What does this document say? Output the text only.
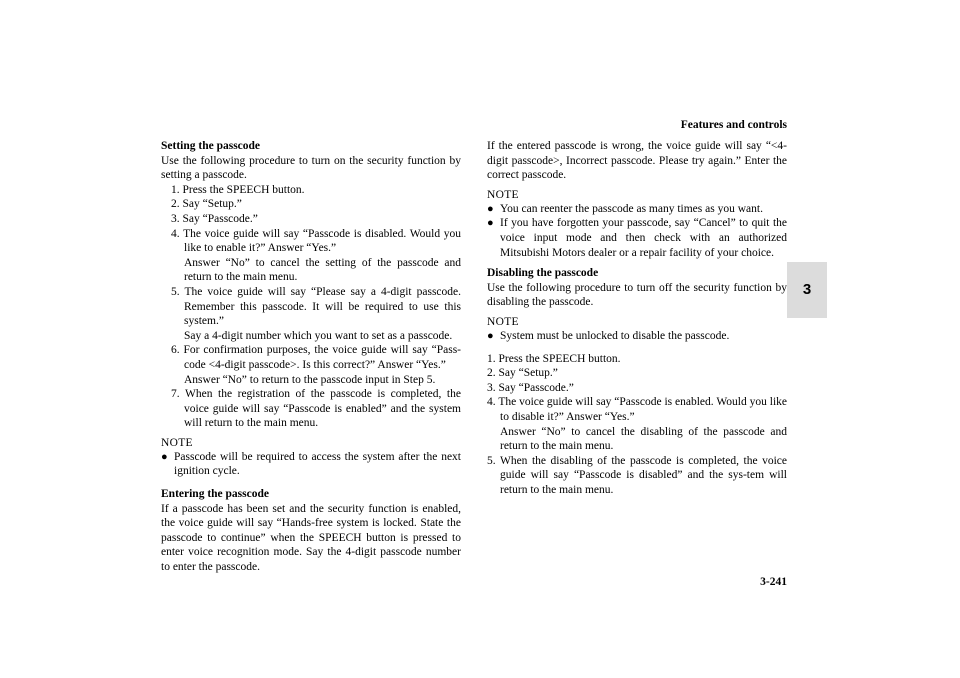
Features and controls
3

Setting the passcode

Use the following procedure to turn on the security function by setting a passcode.

1. Press the SPEECH button.
2. Say “Setup.”
3. Say “Passcode.”
4. The voice guide will say “Passcode is disabled. Would you like to enable it?” Answer “Yes.”
Answer “No” to cancel the setting of the passcode and return to the main menu.
5. The voice guide will say “Please say a 4-digit passcode. Remember this passcode. It will be required to use this system.”
Say a 4-digit number which you want to set as a passcode.
6. For confirmation purposes, the voice guide will say “Pass-code <4-digit passcode>. Is this correct?” Answer “Yes.”
Answer “No” to return to the passcode input in Step 5.
7. When the registration of the passcode is completed, the voice guide will say “Passcode is enabled” and the system will return to the main menu.

NOTE

● Passcode will be required to access the system after the next ignition cycle.

Entering the passcode

If a passcode has been set and the security function is enabled, the voice guide will say “Hands-free system is locked. State the passcode to continue” when the SPEECH button is pressed to enter voice recognition mode. Say the 4-digit passcode number to enter the passcode.

If the entered passcode is wrong, the voice guide will say “<4-digit passcode>, Incorrect passcode. Please try again.” Enter the correct passcode.

NOTE

● You can reenter the passcode as many times as you want.
● If you have forgotten your passcode, say “Cancel” to quit the voice input mode and then check with an authorized Mitsubishi Motors dealer or a repair facility of your choice.

Disabling the passcode

Use the following procedure to turn off the security function by disabling the passcode.

NOTE

● System must be unlocked to disable the passcode.
1. Press the SPEECH button.
2. Say “Setup.”
3. Say “Passcode.”
4. The voice guide will say “Passcode is enabled. Would you like to disable it?” Answer “Yes.”
Answer “No” to cancel the disabling of the passcode and return to the main menu.
5. When the disabling of the passcode is completed, the voice guide will say “Passcode is disabled” and the sys-tem will return to the main menu.
3-241
